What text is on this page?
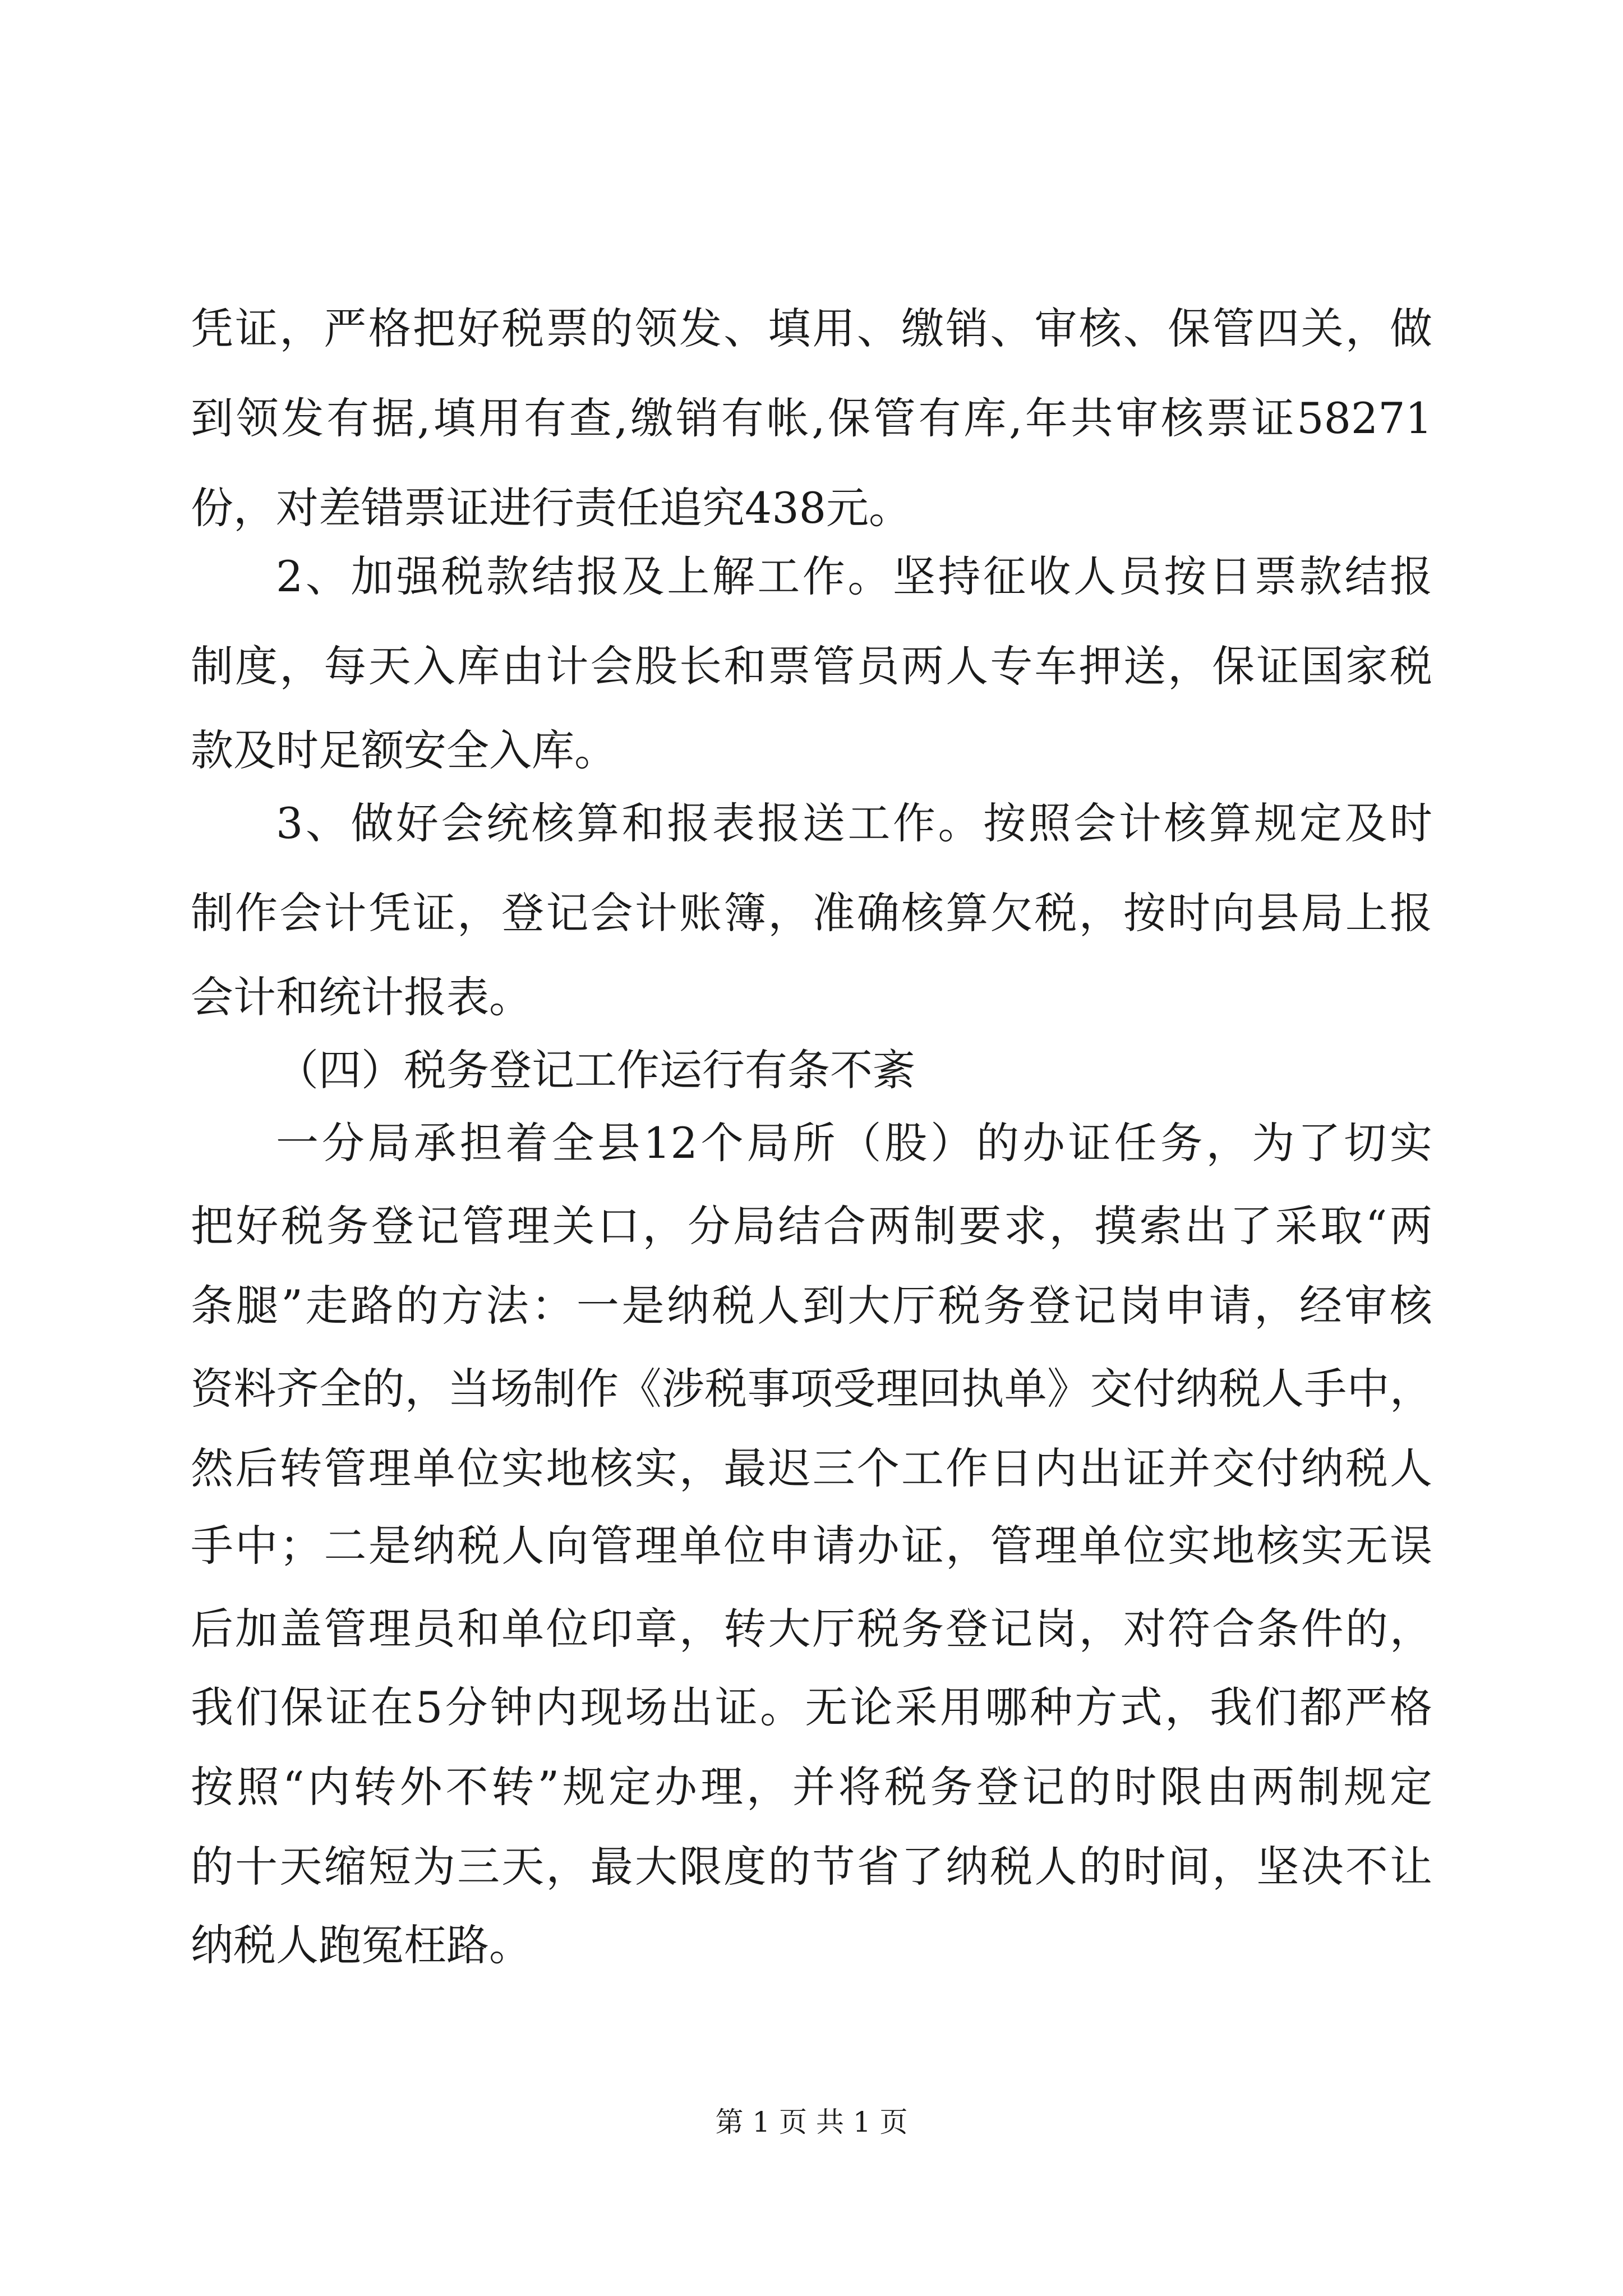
凭证，严格把好税票的领发、填用、缴销、审核、保管四关，做
到领发有据,填用有查,缴销有帐,保管有库,年共审核票证58271
份，对差错票证进行责任追究438元。
2、加强税款结报及上解工作。坚持征收人员按日票款结报
制度，每天入库由计会股长和票管员两人专车押送，保证国家税
款及时足额安全入库。
3、做好会统核算和报表报送工作。按照会计核算规定及时
制作会计凭证，登记会计账簿，准确核算欠税，按时向县局上报
会计和统计报表。
（四）税务登记工作运行有条不紊
一分局承担着全县12个局所（股）的办证任务，为了切实
把好税务登记管理关口，分局结合两制要求，摸索出了采取“两
条腿”走路的方法：一是纳税人到大厅税务登记岗申请，经审核
资料齐全的，当场制作《涉税事项受理回执单》交付纳税人手中，
然后转管理单位实地核实，最迟三个工作日内出证并交付纳税人
手中；二是纳税人向管理单位申请办证，管理单位实地核实无误
后加盖管理员和单位印章，转大厅税务登记岗，对符合条件的，
我们保证在5分钟内现场出证。无论采用哪种方式，我们都严格
按照“内转外不转”规定办理，并将税务登记的时限由两制规定
的十天缩短为三天，最大限度的节省了纳税人的时间，坚决不让
纳税人跑冤枉路。
第 1 页 共 1 页
